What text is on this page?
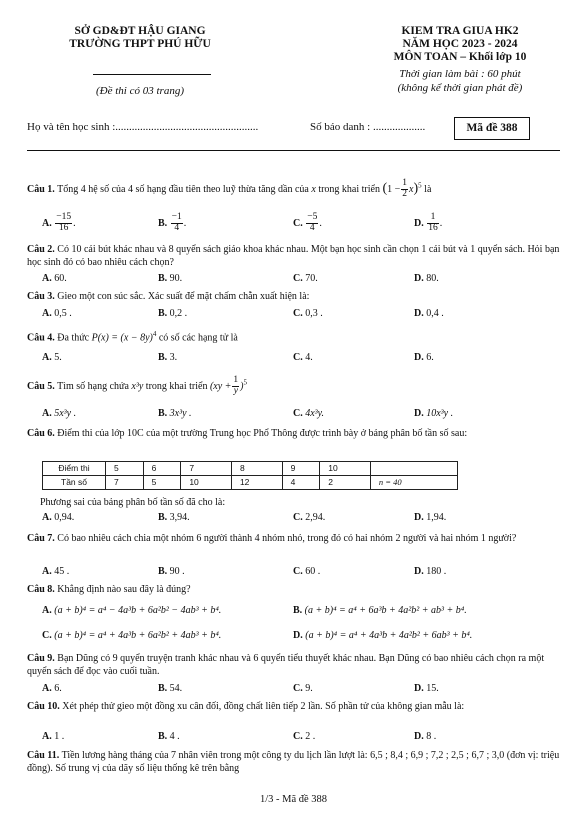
SỞ GD&ĐT HẬU GIANG
TRƯỜNG THPT PHÚ HỮU
(Đề thi có 03 trang)
KIEM TRA GIUA HK2
NĂM HỌC 2023 - 2024
MÔN TOAN – Khối lớp 10
Thời gian làm bài : 60 phút
(không kể thời gian phát đề)
Họ và tên học sinh :....................................................	Số báo danh : ...................	Mã đề 388
Câu 1. Tổng 4 hệ số của 4 số hạng đầu tiên theo luỹ thừa tăng dần của x trong khai triển $(1 - \frac{1}{2} x)^5$ là
A. $\frac{-15}{16}$ .	B. $\frac{-1}{4}$ .	C. $\frac{-5}{4}$ .	D. $\frac{1}{16}$ .
Câu 2. Có 10 cái bút khác nhau và 8 quyển sách giáo khoa khác nhau. Một bạn học sinh cần chọn 1 cái bút và 1 quyển sách. Hỏi bạn học sinh đó có bao nhiêu cách chọn?
A. 60.	B. 90.	C. 70.	D. 80.
Câu 3. Gieo một con súc sắc. Xác suất để mặt chấm chẵn xuất hiện là:
A. 0,5 .	B. 0,2 .	C. 0,3 .	D. 0,4 .
Câu 4. Đa thức $P(x) = (x - 8y)^4$ có số các hạng tử là
A. 5.	B. 3.	C. 4.	D. 6.
Câu 5. Tìm số hạng chứa x³y trong khai triển $(xy + \frac{1}{y} )^5$
A. 5x³y .	B. 3x³y .	C. 4x³y.	D. 10x³y .
Câu 6. Điểm thi của lớp 10C của một trường Trung học Phổ Thông được trình bày ở bảng phân bố tần số sau:
Điểm thi	5	6	7	8	9	10	
Tần số	7	5	10	12	4	2	n = 40
Phương sai của bảng phân bố tần số đã cho là:
A. 0,94.	B. 3,94.	C. 2,94.	D. 1,94.
Câu 7. Có bao nhiêu cách chia một nhóm 6 người thành 4 nhóm nhỏ, trong đó có hai nhóm 2 người và hai nhóm 1 người?
A. 45 .	B. 90 .	C. 60 .	D. 180 .
Câu 8. Khẳng định nào sau đây là đúng?
A. (a + b)⁴ = a⁴ − 4a³b + 6a²b² − 4ab³ + b⁴.	B. (a + b)⁴ = a⁴ + 6a³b + 4a²b² + ab³ + b⁴.
C. (a + b)⁴ = a⁴ + 4a³b + 6a²b² + 4ab³ + b⁴.	D. (a + b)⁴ = a⁴ + 4a³b + 4a²b² + 6ab³ + b⁴.
Câu 9. Bạn Dũng có 9 quyển truyện tranh khác nhau và 6 quyển tiểu thuyết khác nhau. Bạn Dũng có bao nhiêu cách chọn ra một quyển sách để đọc vào cuối tuần.
A. 6.	B. 54.	C. 9.	D. 15.
Câu 10. Xét phép thử gieo một đồng xu cân đối, đồng chất liên tiếp 2 lần. Số phần tử của không gian mẫu là:
A. 1 .	B. 4 .	C. 2 .	D. 8 .
Câu 11. Tiền lương hàng tháng của 7 nhân viên trong một công ty du lịch lần lượt là: 6,5 ; 8,4 ; 6,9 ; 7,2 ; 2,5 ; 6,7 ; 3,0 (đơn vị: triệu đồng). Số trung vị của dãy số liệu thống kê trên bằng
1/3 - Mã đề 388
